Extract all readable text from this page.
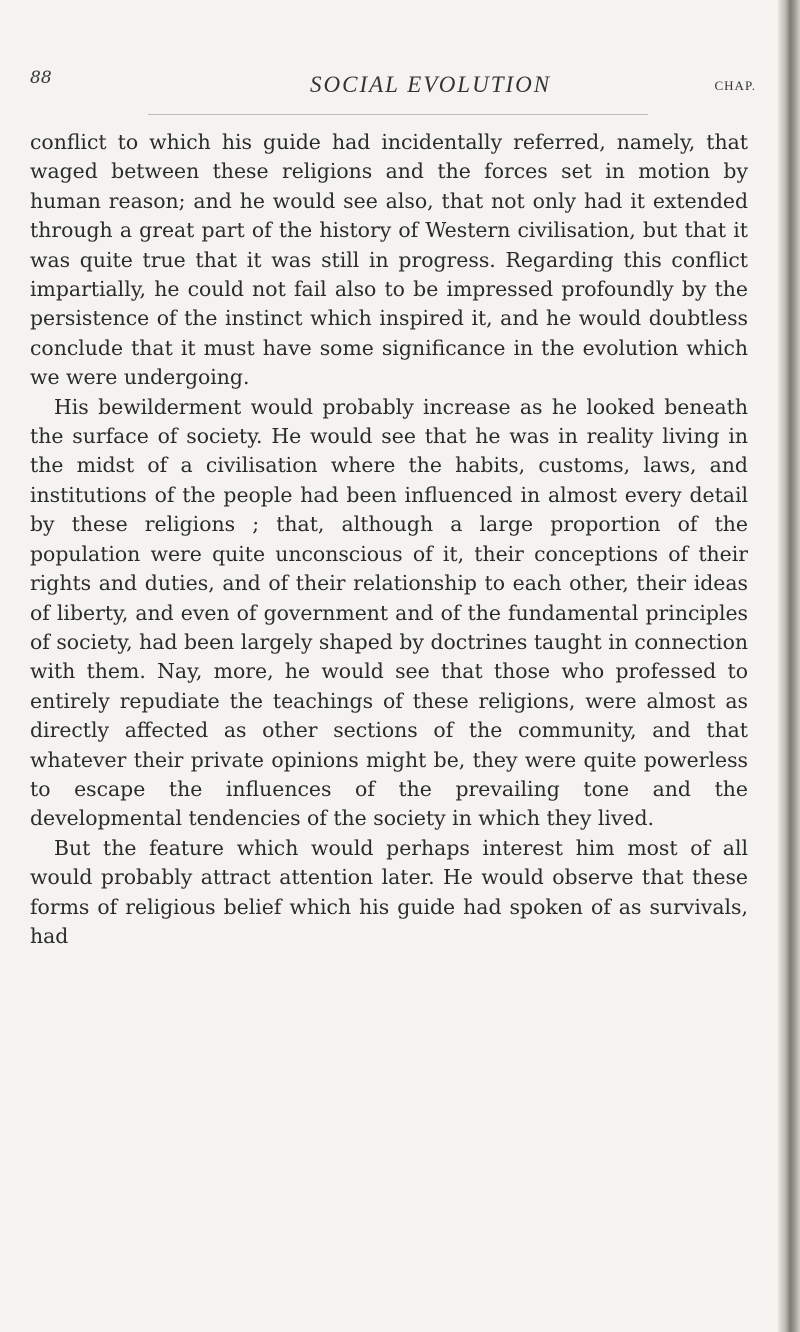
88	SOCIAL EVOLUTION	CHAP.

conflict to which his guide had incidentally referred, namely, that waged between these religions and the forces set in motion by human reason; and he would see also, that not only had it extended through a great part of the history of Western civilisation, but that it was quite true that it was still in progress. Regarding this conflict impartially, he could not fail also to be impressed profoundly by the persistence of the instinct which inspired it, and he would doubtless conclude that it must have some significance in the evolution which we were undergoing.

His bewilderment would probably increase as he looked beneath the surface of society. He would see that he was in reality living in the midst of a civilisation where the habits, customs, laws, and institutions of the people had been influenced in almost every detail by these religions ; that, although a large proportion of the population were quite unconscious of it, their conceptions of their rights and duties, and of their relationship to each other, their ideas of liberty, and even of government and of the fundamental principles of society, had been largely shaped by doctrines taught in connection with them. Nay, more, he would see that those who professed to entirely repudiate the teachings of these religions, were almost as directly affected as other sections of the community, and that whatever their private opinions might be, they were quite powerless to escape the influences of the prevailing tone and the developmental tendencies of the society in which they lived.

But the feature which would perhaps interest him most of all would probably attract attention later. He would observe that these forms of religious belief which his guide had spoken of as survivals, had
